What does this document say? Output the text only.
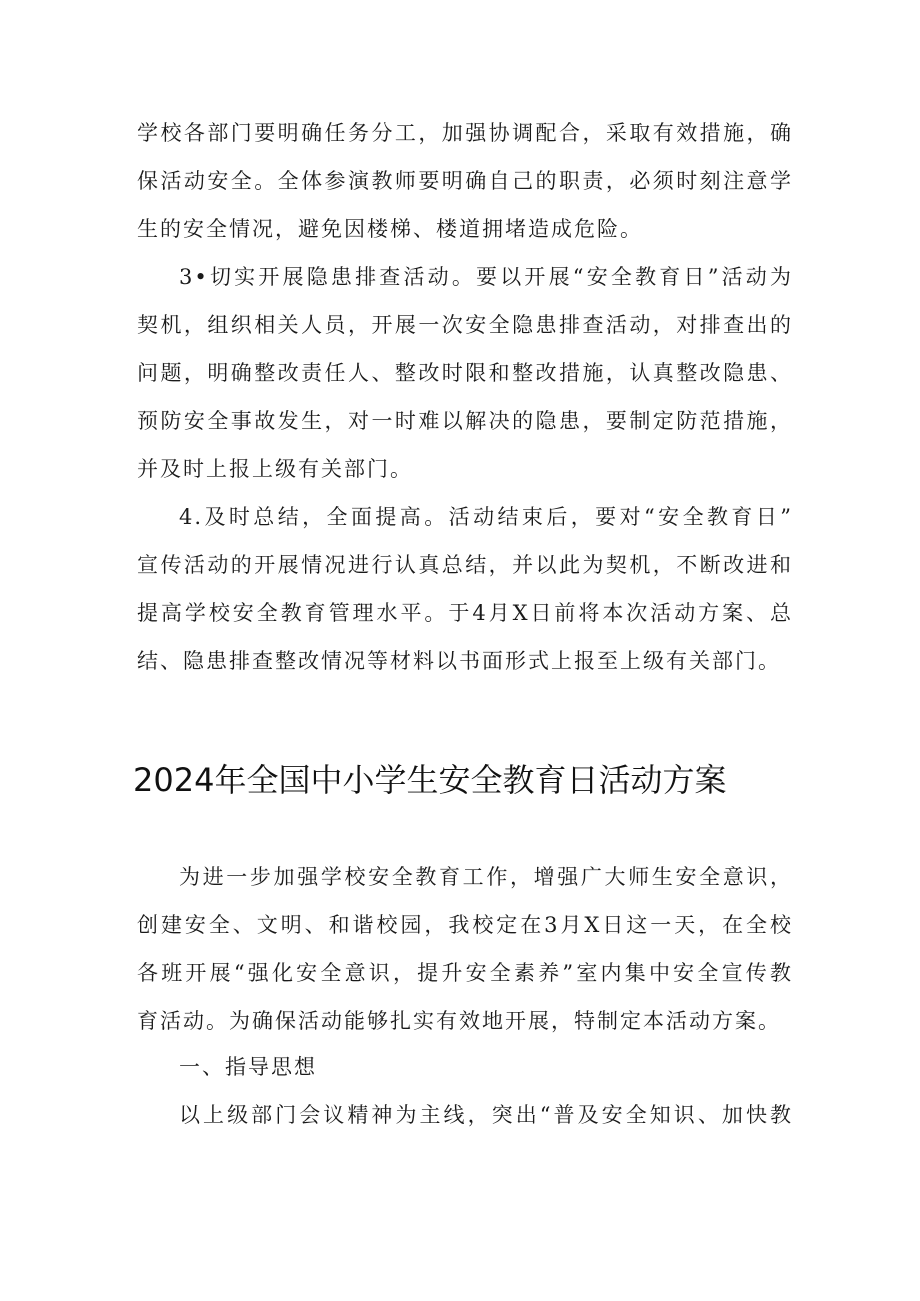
学校各部门要明确任务分工，加强协调配合，采取有效措施，确
保活动安全。全体参演教师要明确自己的职责，必须时刻注意学
生的安全情况，避免因楼梯、楼道拥堵造成危险。
3•切实开展隐患排查活动。要以开展“安全教育日”活动为
契机，组织相关人员，开展一次安全隐患排查活动，对排查出的
问题，明确整改责任人、整改时限和整改措施，认真整改隐患、
预防安全事故发生，对一时难以解决的隐患，要制定防范措施，
并及时上报上级有关部门。
4.及时总结，全面提高。活动结束后，要对“安全教育日”
宣传活动的开展情况进行认真总结，并以此为契机，不断改进和
提高学校安全教育管理水平。于4月X日前将本次活动方案、总
结、隐患排查整改情况等材料以书面形式上报至上级有关部门。
2024年全国中小学生安全教育日活动方案
为进一步加强学校安全教育工作，增强广大师生安全意识，
创建安全、文明、和谐校园，我校定在3月X日这一天，在全校
各班开展“强化安全意识，提升安全素养”室内集中安全宣传教
育活动。为确保活动能够扎实有效地开展，特制定本活动方案。
一、指导思想
以上级部门会议精神为主线，突出“普及安全知识、加快教
